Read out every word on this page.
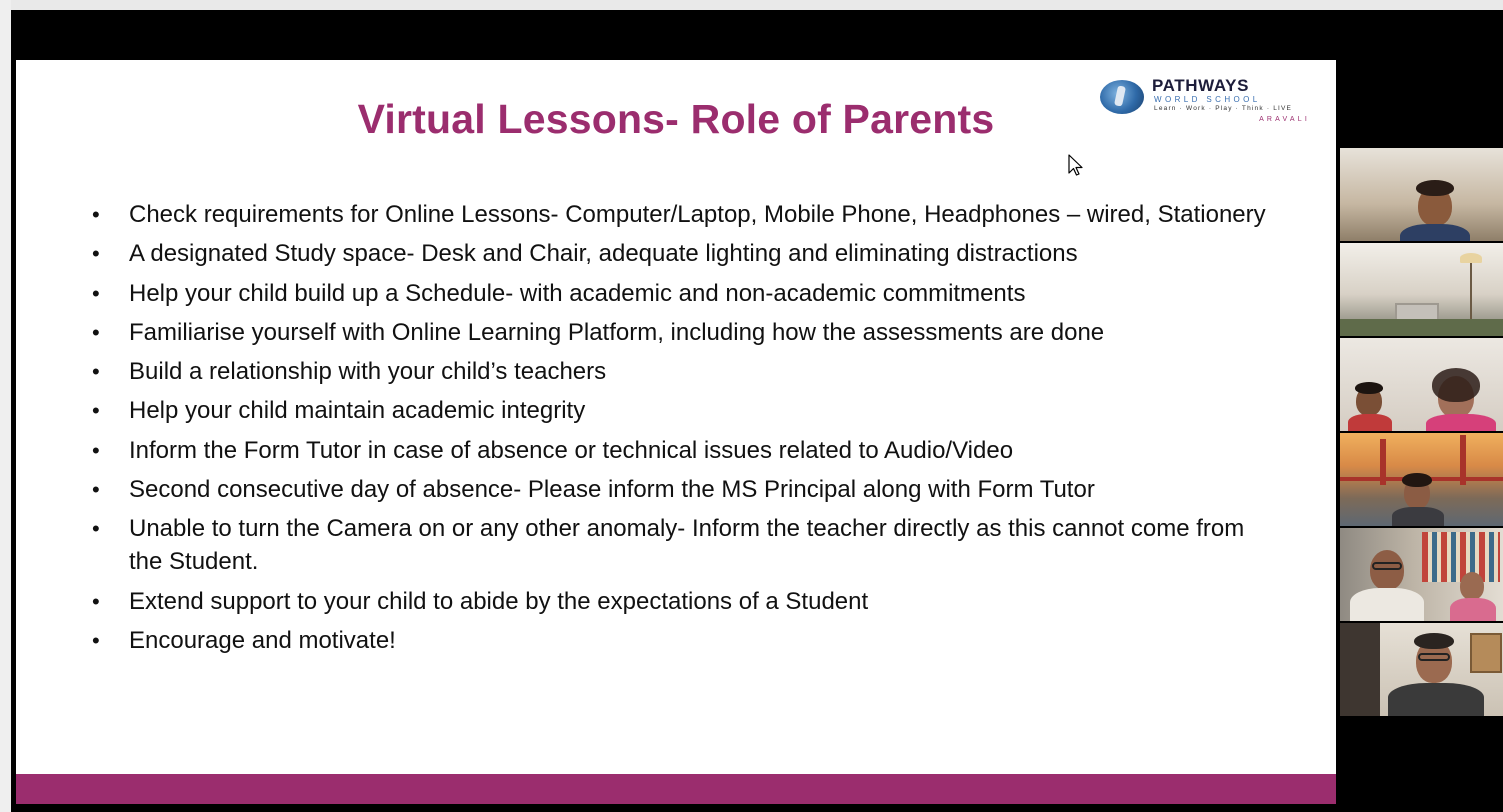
Virtual Lessons- Role of Parents
PATHWAYS
WORLD SCHOOL
Learn · Work · Play · Think · LIVE
ARAVALI
• Check requirements for Online Lessons- Computer/Laptop, Mobile Phone, Headphones – wired, Stationery
• A designated Study space- Desk and Chair, adequate lighting and eliminating distractions
• Help your child build up a Schedule- with academic and non-academic commitments
• Familiarise yourself with Online Learning Platform, including how the assessments are done
• Build a relationship with your child’s teachers
• Help your child maintain academic integrity
• Inform the Form Tutor in case of absence or technical issues related to Audio/Video
• Second consecutive day of absence- Please inform the MS Principal along with Form Tutor
• Unable to turn the Camera on or any other anomaly- Inform the teacher directly as this cannot come from the Student.
• Extend support to your child to abide by the expectations of a Student
• Encourage and motivate!
